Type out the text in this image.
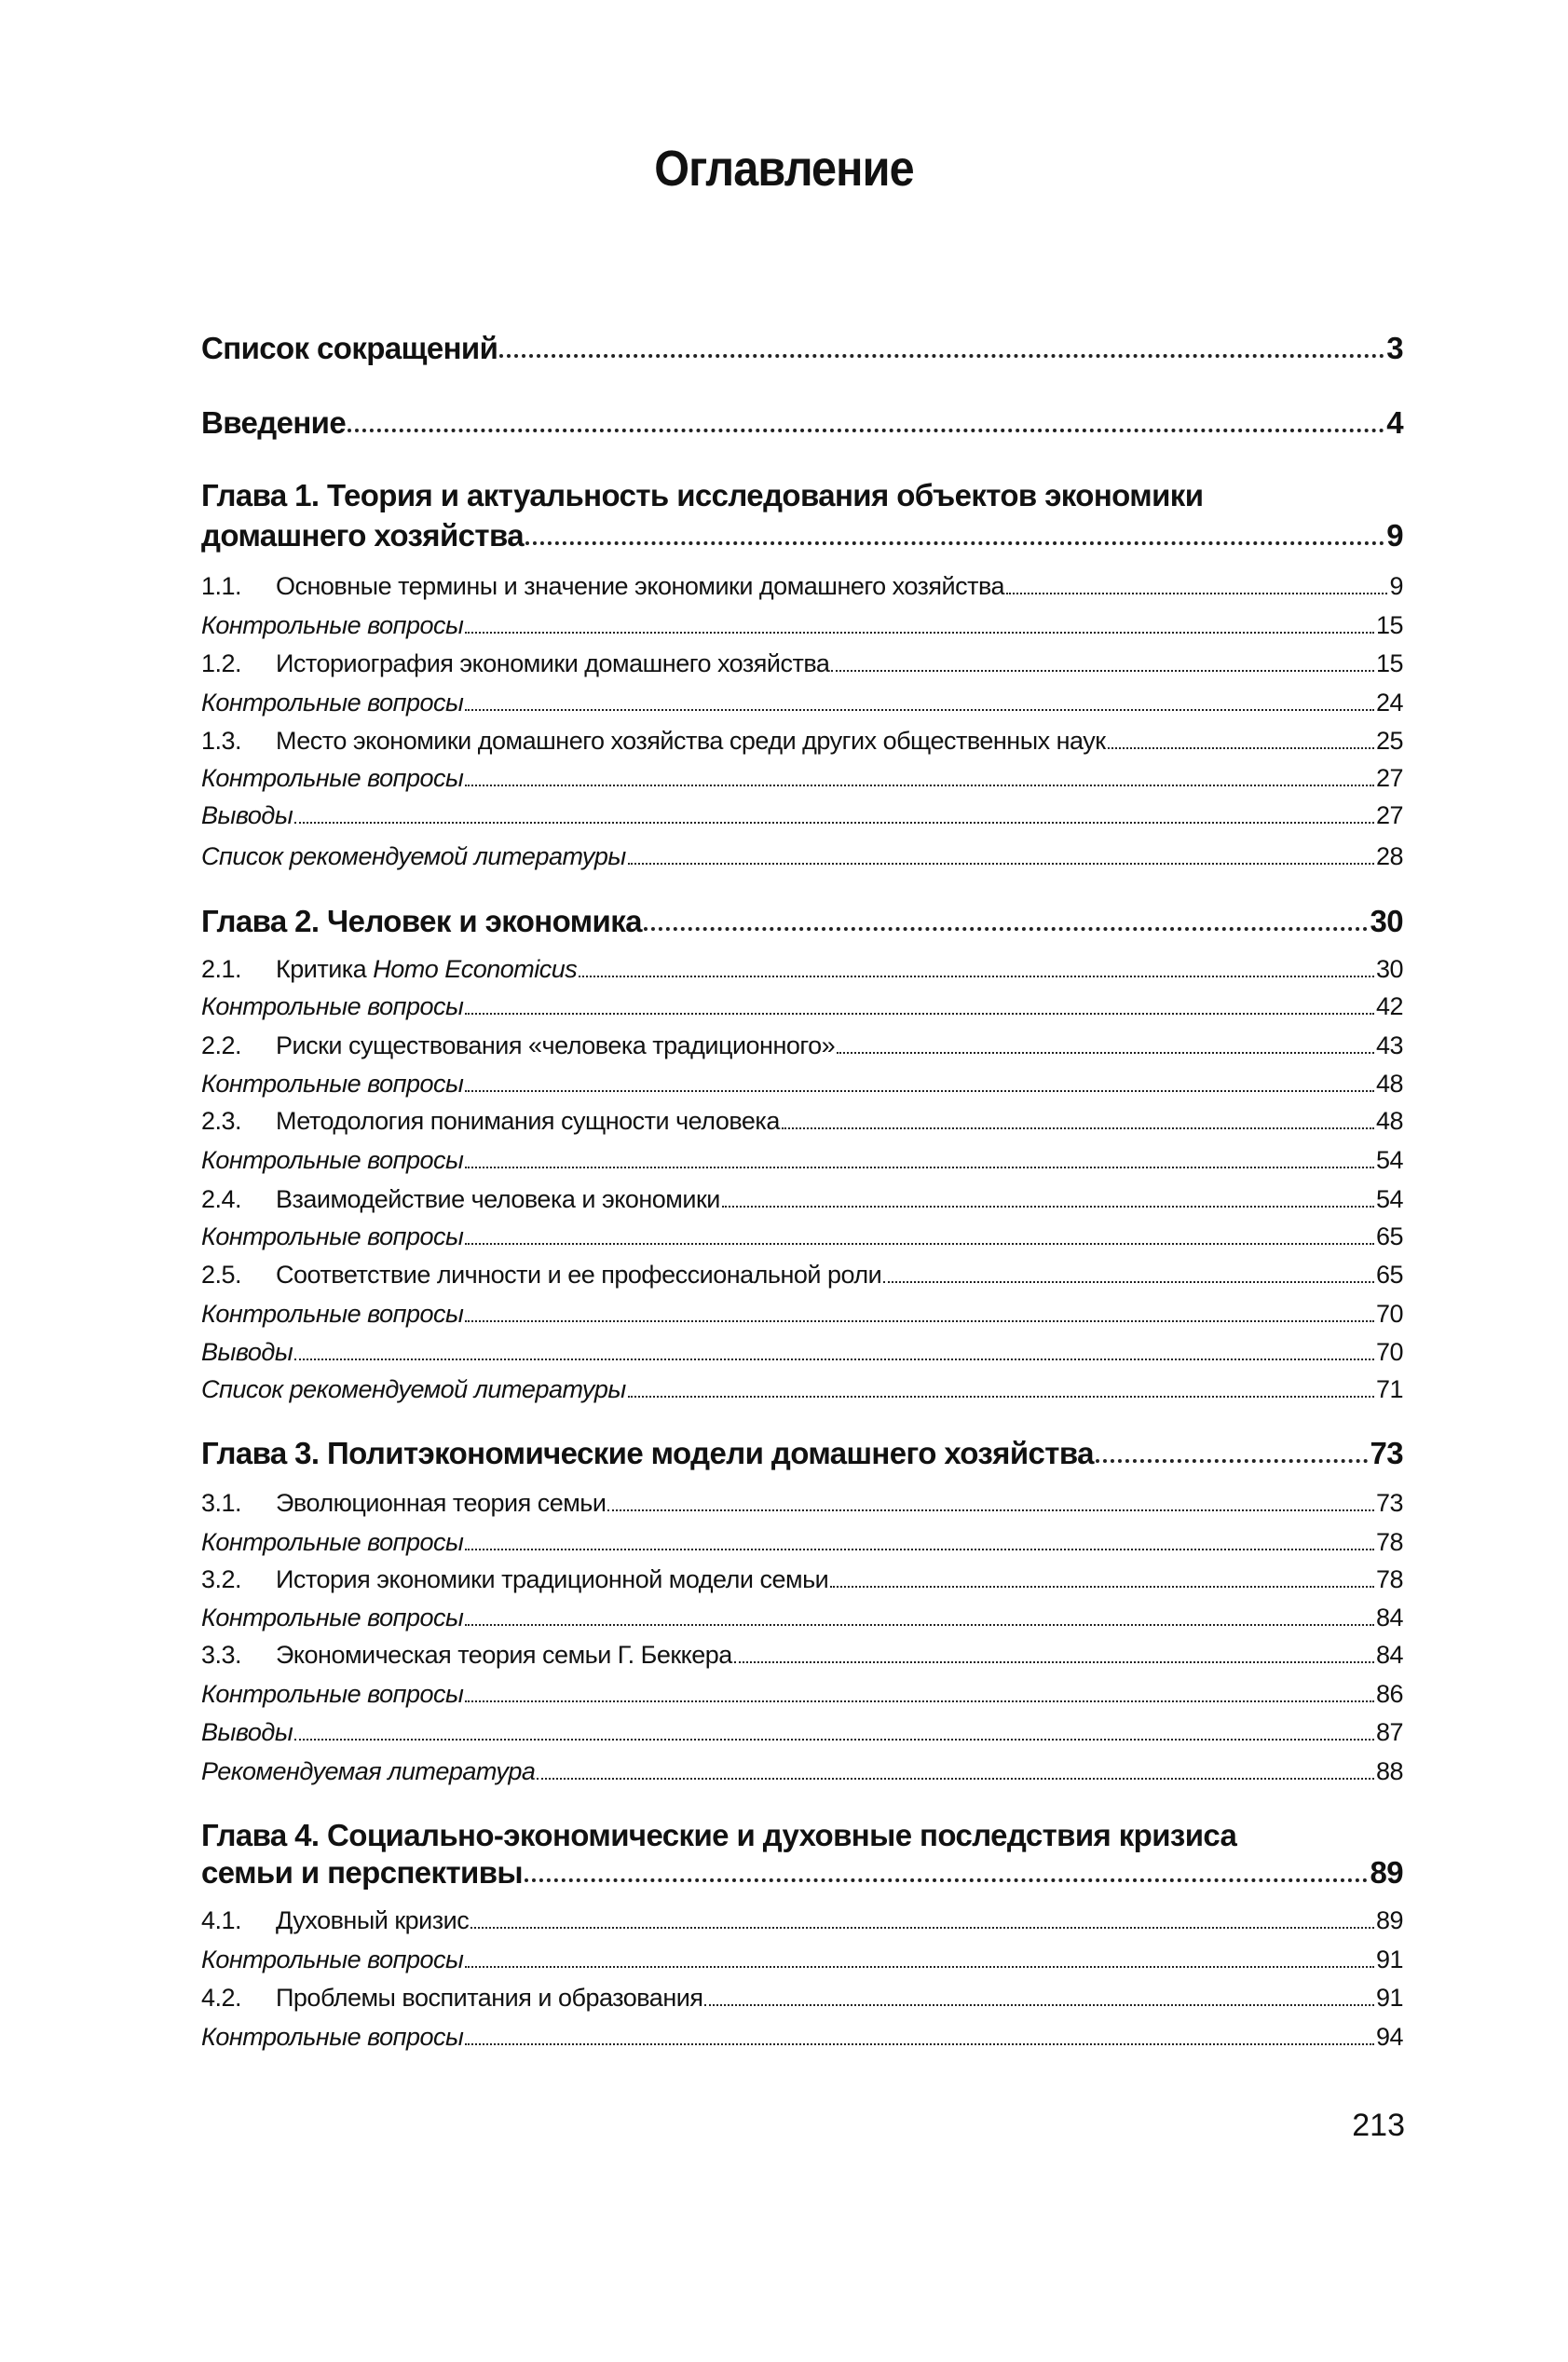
Оглавление
Список сокращений	3
Введение	4
Глава 1. Теория и актуальность исследования объектов экономики
домашнего хозяйства	9
1.1. Основные термины и значение экономики домашнего хозяйства	9
Контрольные вопросы	15
1.2. Историография экономики домашнего хозяйства	15
Контрольные вопросы	24
1.3. Место экономики домашнего хозяйства среди других общественных наук	25
Контрольные вопросы	27
Выводы	27
Список рекомендуемой литературы	28
Глава 2. Человек и экономика	30
2.1. Критика Homo Economicus	30
Контрольные вопросы	42
2.2. Риски существования «человека традиционного»	43
Контрольные вопросы	48
2.3. Методология понимания сущности человека	48
Контрольные вопросы	54
2.4. Взаимодействие человека и экономики	54
Контрольные вопросы	65
2.5. Соответствие личности и ее профессиональной роли	65
Контрольные вопросы	70
Выводы	70
Список рекомендуемой литературы	71
Глава 3. Политэкономические модели домашнего хозяйства	73
3.1. Эволюционная теория семьи	73
Контрольные вопросы	78
3.2. История экономики традиционной модели семьи	78
Контрольные вопросы	84
3.3. Экономическая теория семьи Г. Беккера	84
Контрольные вопросы	86
Выводы	87
Рекомендуемая литература	88
Глава 4. Социально-экономические и духовные последствия кризиса
семьи и перспективы	89
4.1. Духовный кризис	89
Контрольные вопросы	91
4.2. Проблемы воспитания и образования	91
Контрольные вопросы	94
213
